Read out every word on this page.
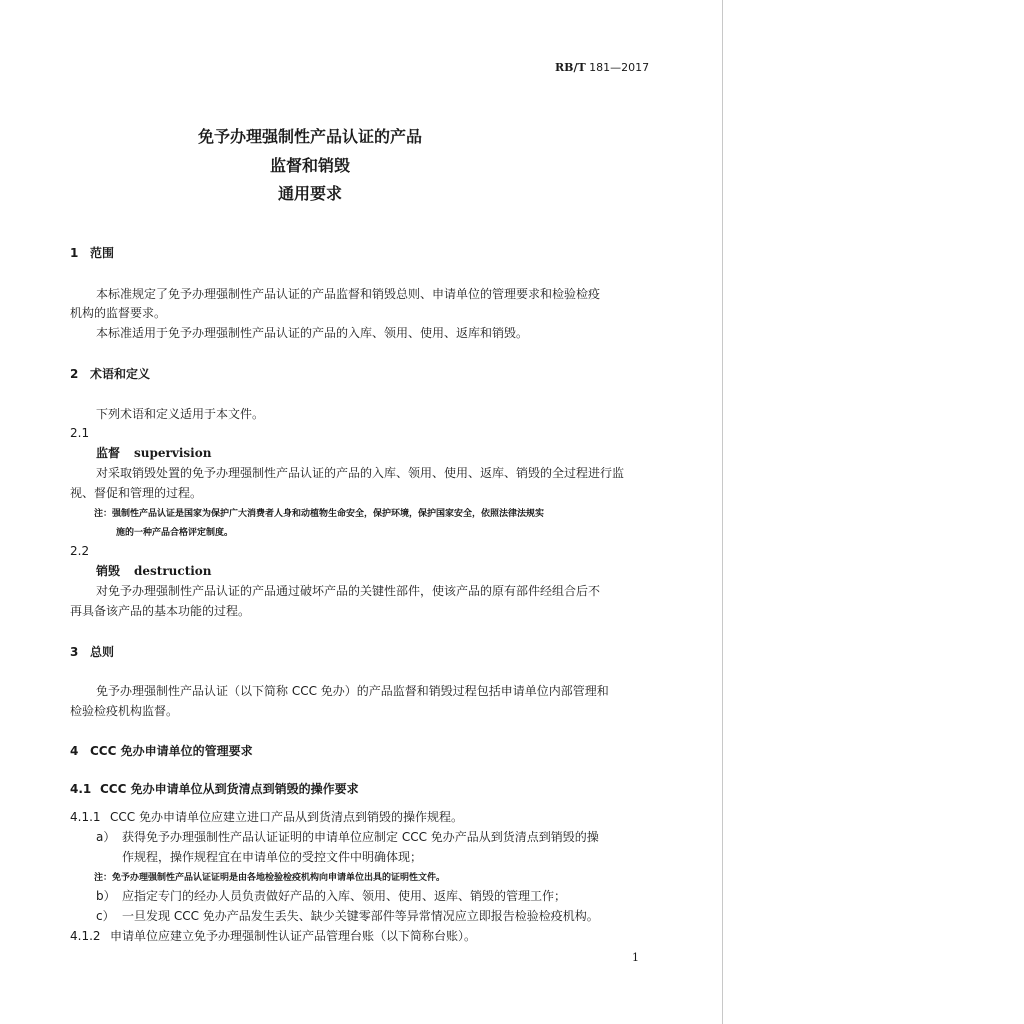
RB/T 181—2017
免予办理强制性产品认证的产品
监督和销毁
通用要求
1 范围
本标准规定了免予办理强制性产品认证的产品监督和销毁总则、申请单位的管理要求和检验检疫
机构的监督要求。
本标准适用于免予办理强制性产品认证的产品的入库、领用、使用、返库和销毁。
2 术语和定义
下列术语和定义适用于本文件。
2.1
监督 supervision
对采取销毁处置的免予办理强制性产品认证的产品的入库、领用、使用、返库、销毁的全过程进行监
视、督促和管理的过程。
注：强制性产品认证是国家为保护广大消费者人身和动植物生命安全，保护环境，保护国家安全，依照法律法规实
施的一种产品合格评定制度。
2.2
销毁 destruction
对免予办理强制性产品认证的产品通过破坏产品的关键性部件，使该产品的原有部件经组合后不
再具备该产品的基本功能的过程。
3 总则
免予办理强制性产品认证（以下简称 CCC 免办）的产品监督和销毁过程包括申请单位内部管理和
检验检疫机构监督。
4 CCC 免办申请单位的管理要求
4.1 CCC 免办申请单位从到货清点到销毁的操作要求
4.1.1 CCC 免办申请单位应建立进口产品从到货清点到销毁的操作规程。
a） 获得免予办理强制性产品认证证明的申请单位应制定 CCC 免办产品从到货清点到销毁的操
作规程，操作规程宜在申请单位的受控文件中明确体现；
注：免予办理强制性产品认证证明是由各地检验检疫机构向申请单位出具的证明性文件。
b） 应指定专门的经办人员负责做好产品的入库、领用、使用、返库、销毁的管理工作；
c） 一旦发现 CCC 免办产品发生丢失、缺少关键零部件等异常情况应立即报告检验检疫机构。
4.1.2 申请单位应建立免予办理强制性认证产品管理台账（以下简称台账）。
1
